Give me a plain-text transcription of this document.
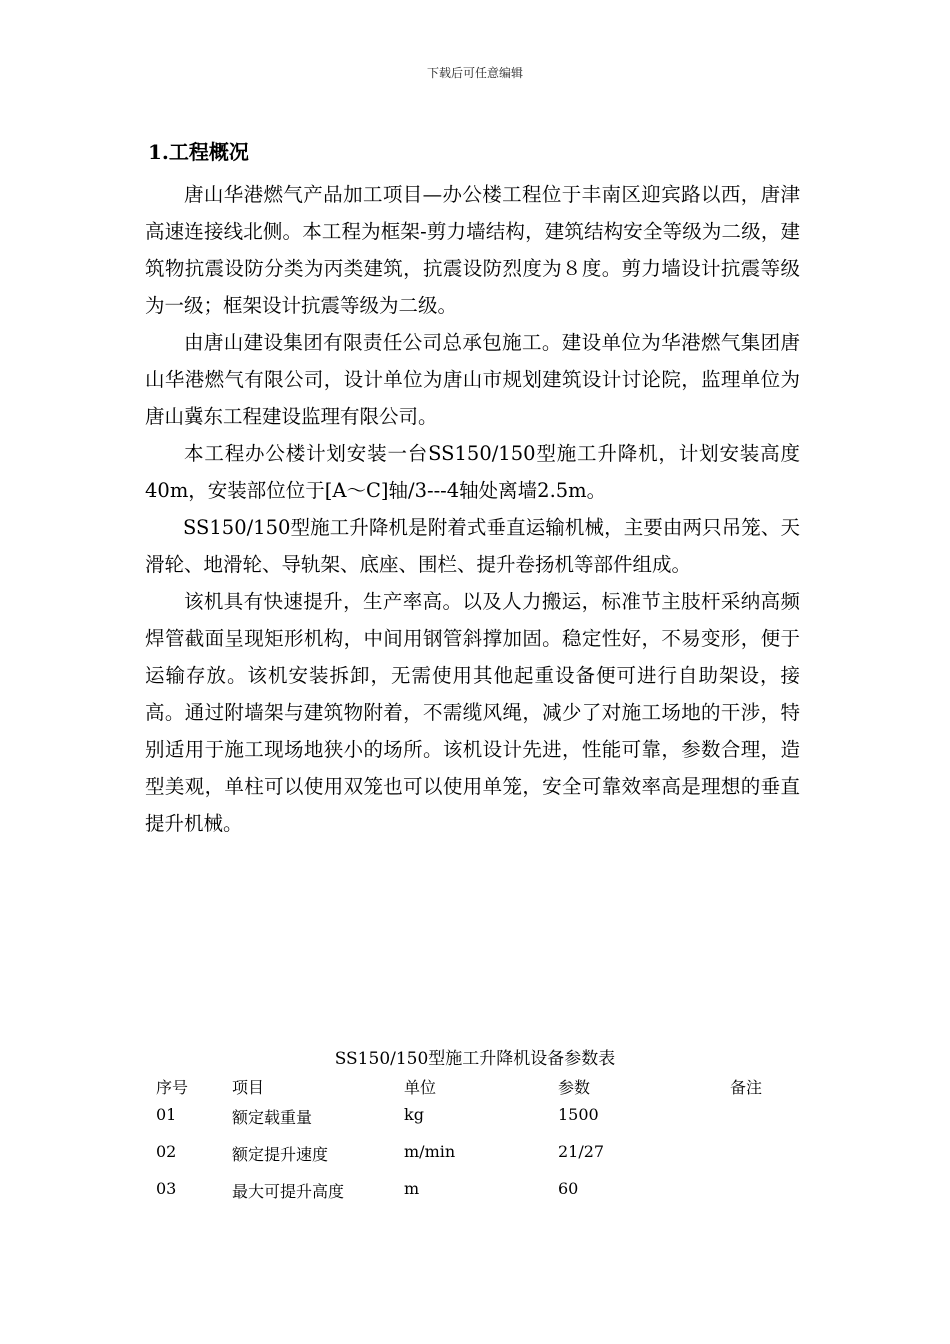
下载后可任意编辑
1.工程概况

唐山华港燃气产品加工项目—办公楼工程位于丰南区迎宾路以西，唐津高速连接线北侧。本工程为框架-剪力墙结构，建筑结构安全等级为二级，建筑物抗震设防分类为丙类建筑，抗震设防烈度为８度。剪力墙设计抗震等级为一级；框架设计抗震等级为二级。

由唐山建设集团有限责任公司总承包施工。建设单位为华港燃气集团唐山华港燃气有限公司，设计单位为唐山市规划建筑设计讨论院，监理单位为唐山冀东工程建设监理有限公司。

本工程办公楼计划安装一台SS150/150型施工升降机，计划安装高度40m，安装部位位于[A～C]轴/3---4轴处离墙2.5m。

SS150/150型施工升降机是附着式垂直运输机械，主要由两只吊笼、天滑轮、地滑轮、导轨架、底座、围栏、提升卷扬机等部件组成。

该机具有快速提升，生产率高。以及人力搬运，标准节主肢杆采纳高频焊管截面呈现矩形机构，中间用钢管斜撑加固。稳定性好，不易变形，便于运输存放。该机安装拆卸，无需使用其他起重设备便可进行自助架设，接高。通过附墙架与建筑物附着，不需缆风绳，减少了对施工场地的干涉，特别适用于施工现场地狭小的场所。该机设计先进，性能可靠，参数合理，造型美观，单柱可以使用双笼也可以使用单笼，安全可靠效率高是理想的垂直提升机械。

SS150/150型施工升降机设备参数表
序号	项目	单位	参数	备注
01	额定载重量	kg	1500	
02	额定提升速度	m/min	21/27	
03	最大可提升高度	m	60	
